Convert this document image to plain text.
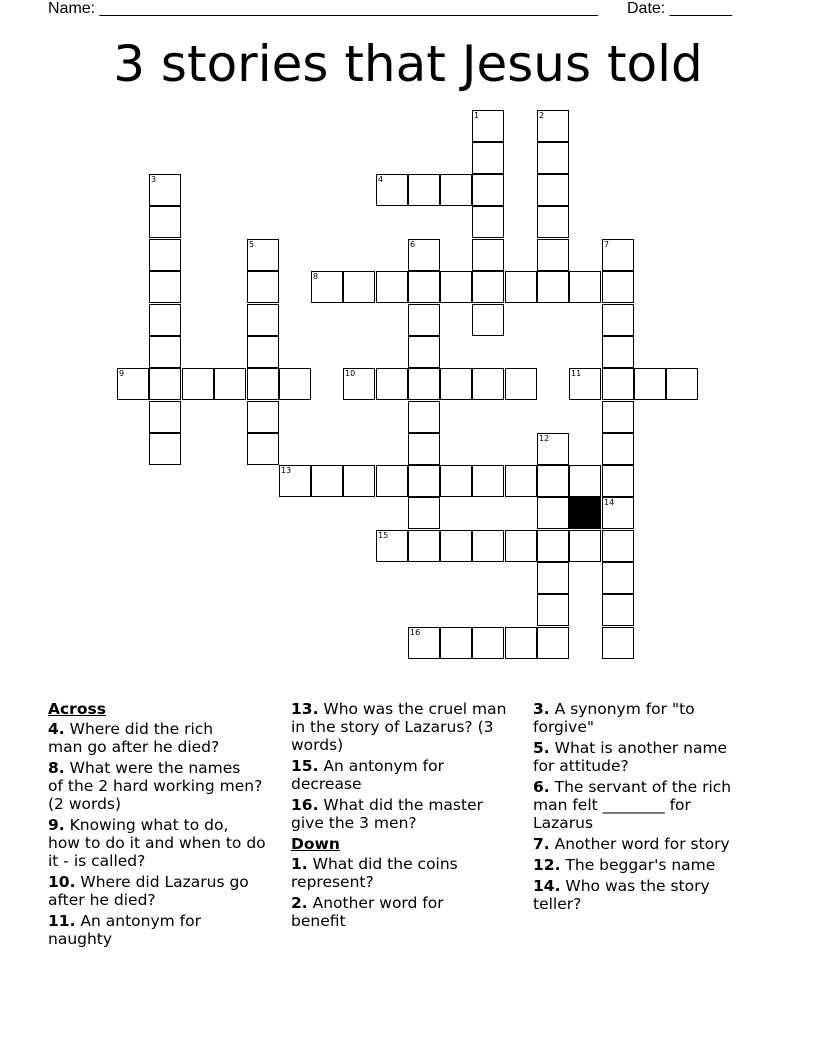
Name: ________________________________________________________ Date: _______
3 stories that Jesus told
1	2
3	4
5	6	7
8
9	10	11
12
13
14
15
16
Across
4. Where did the rich
man go after he died?
8. What were the names
of the 2 hard working men?
(2 words)
9. Knowing what to do,
how to do it and when to do
it - is called?
10. Where did Lazarus go
after he died?
11. An antonym for
naughty
13. Who was the cruel man
in the story of Lazarus? (3
words)
15. An antonym for
decrease
16. What did the master
give the 3 men?
Down
1. What did the coins
represent?
2. Another word for
benefit
3. A synonym for "to
forgive"
5. What is another name
for attitude?
6. The servant of the rich
man felt ________ for
Lazarus
7. Another word for story
12. The beggar's name
14. Who was the story
teller?
